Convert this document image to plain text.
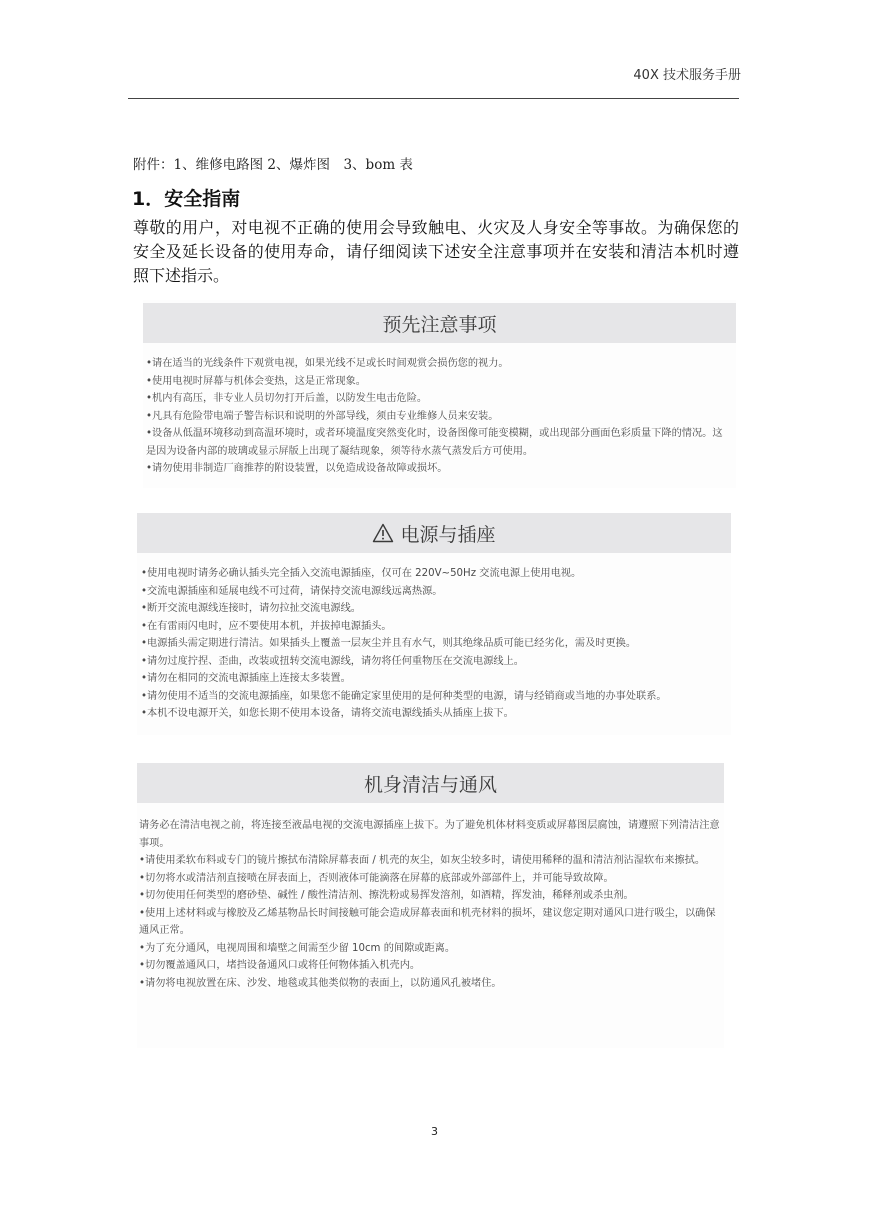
40X 技术服务手册
附件：1、维修电路图 2、爆炸图　3、bom 表
1．安全指南
尊敬的用户，对电视不正确的使用会导致触电、火灾及人身安全等事故。为确保您的安全及延长设备的使用寿命，请仔细阅读下述安全注意事项并在安装和清洁本机时遵照下述指示。
预先注意事项
•请在适当的光线条件下观赏电视，如果光线不足或长时间观赏会损伤您的视力。
•使用电视时屏幕与机体会变热，这是正常现象。
•机内有高压，非专业人员切勿打开后盖，以防发生电击危险。
•凡具有危险带电端子警告标识和说明的外部导线，须由专业维修人员来安装。
•设备从低温环境移动到高温环境时，或者环境温度突然变化时，设备图像可能变模糊，或出现部分画面色彩质量下降的情况。这是因为设备内部的玻璃或显示屏版上出现了凝结现象，须等待水蒸气蒸发后方可使用。
•请勿使用非制造厂商推荐的附设装置，以免造成设备故障或损坏。
电源与插座
•使用电视时请务必确认插头完全插入交流电源插座，仅可在 220V~50Hz 交流电源上使用电视。
•交流电源插座和延展电线不可过荷，请保持交流电源线远离热源。
•断开交流电源线连接时，请勿拉扯交流电源线。
•在有雷雨闪电时，应不要使用本机，并拔掉电源插头。
•电源插头需定期进行清洁。如果插头上覆盖一层灰尘并且有水气，则其绝缘品质可能已经劣化，需及时更换。
•请勿过度拧捏、歪曲，改装或扭转交流电源线，请勿将任何重物压在交流电源线上。
•请勿在相同的交流电源插座上连接太多装置。
•请勿使用不适当的交流电源插座，如果您不能确定家里使用的是何种类型的电源，请与经销商或当地的办事处联系。
•本机不设电源开关，如您长期不使用本设备，请将交流电源线插头从插座上拔下。
机身清洁与通风

请务必在清洁电视之前，将连接至液晶电视的交流电源插座上拔下。为了避免机体材料变质或屏幕图层腐蚀，请遵照下列清洁注意事项。

•请使用柔软布料或专门的镜片擦拭布清除屏幕表面 / 机壳的灰尘，如灰尘较多时，请使用稀释的温和清洁剂沾湿软布来擦拭。

•切勿将水或清洁剂直接喷在屏表面上，否则液体可能滴落在屏幕的底部或外部部件上，并可能导致故障。

•切勿使用任何类型的磨砂垫、碱性 / 酸性清洁剂、擦洗粉或易挥发溶剂，如酒精，挥发油，稀释剂或杀虫剂。

•使用上述材料或与橡胶及乙烯基物品长时间接触可能会造成屏幕表面和机壳材料的损坏，建议您定期对通风口进行吸尘，以确保通风正常。

•为了充分通风，电视周围和墙壁之间需至少留 10cm 的间隙或距离。

•切勿覆盖通风口，堵挡设备通风口或将任何物体插入机壳内。

•请勿将电视放置在床、沙发、地毯或其他类似物的表面上，以防通风孔被堵住。

3
